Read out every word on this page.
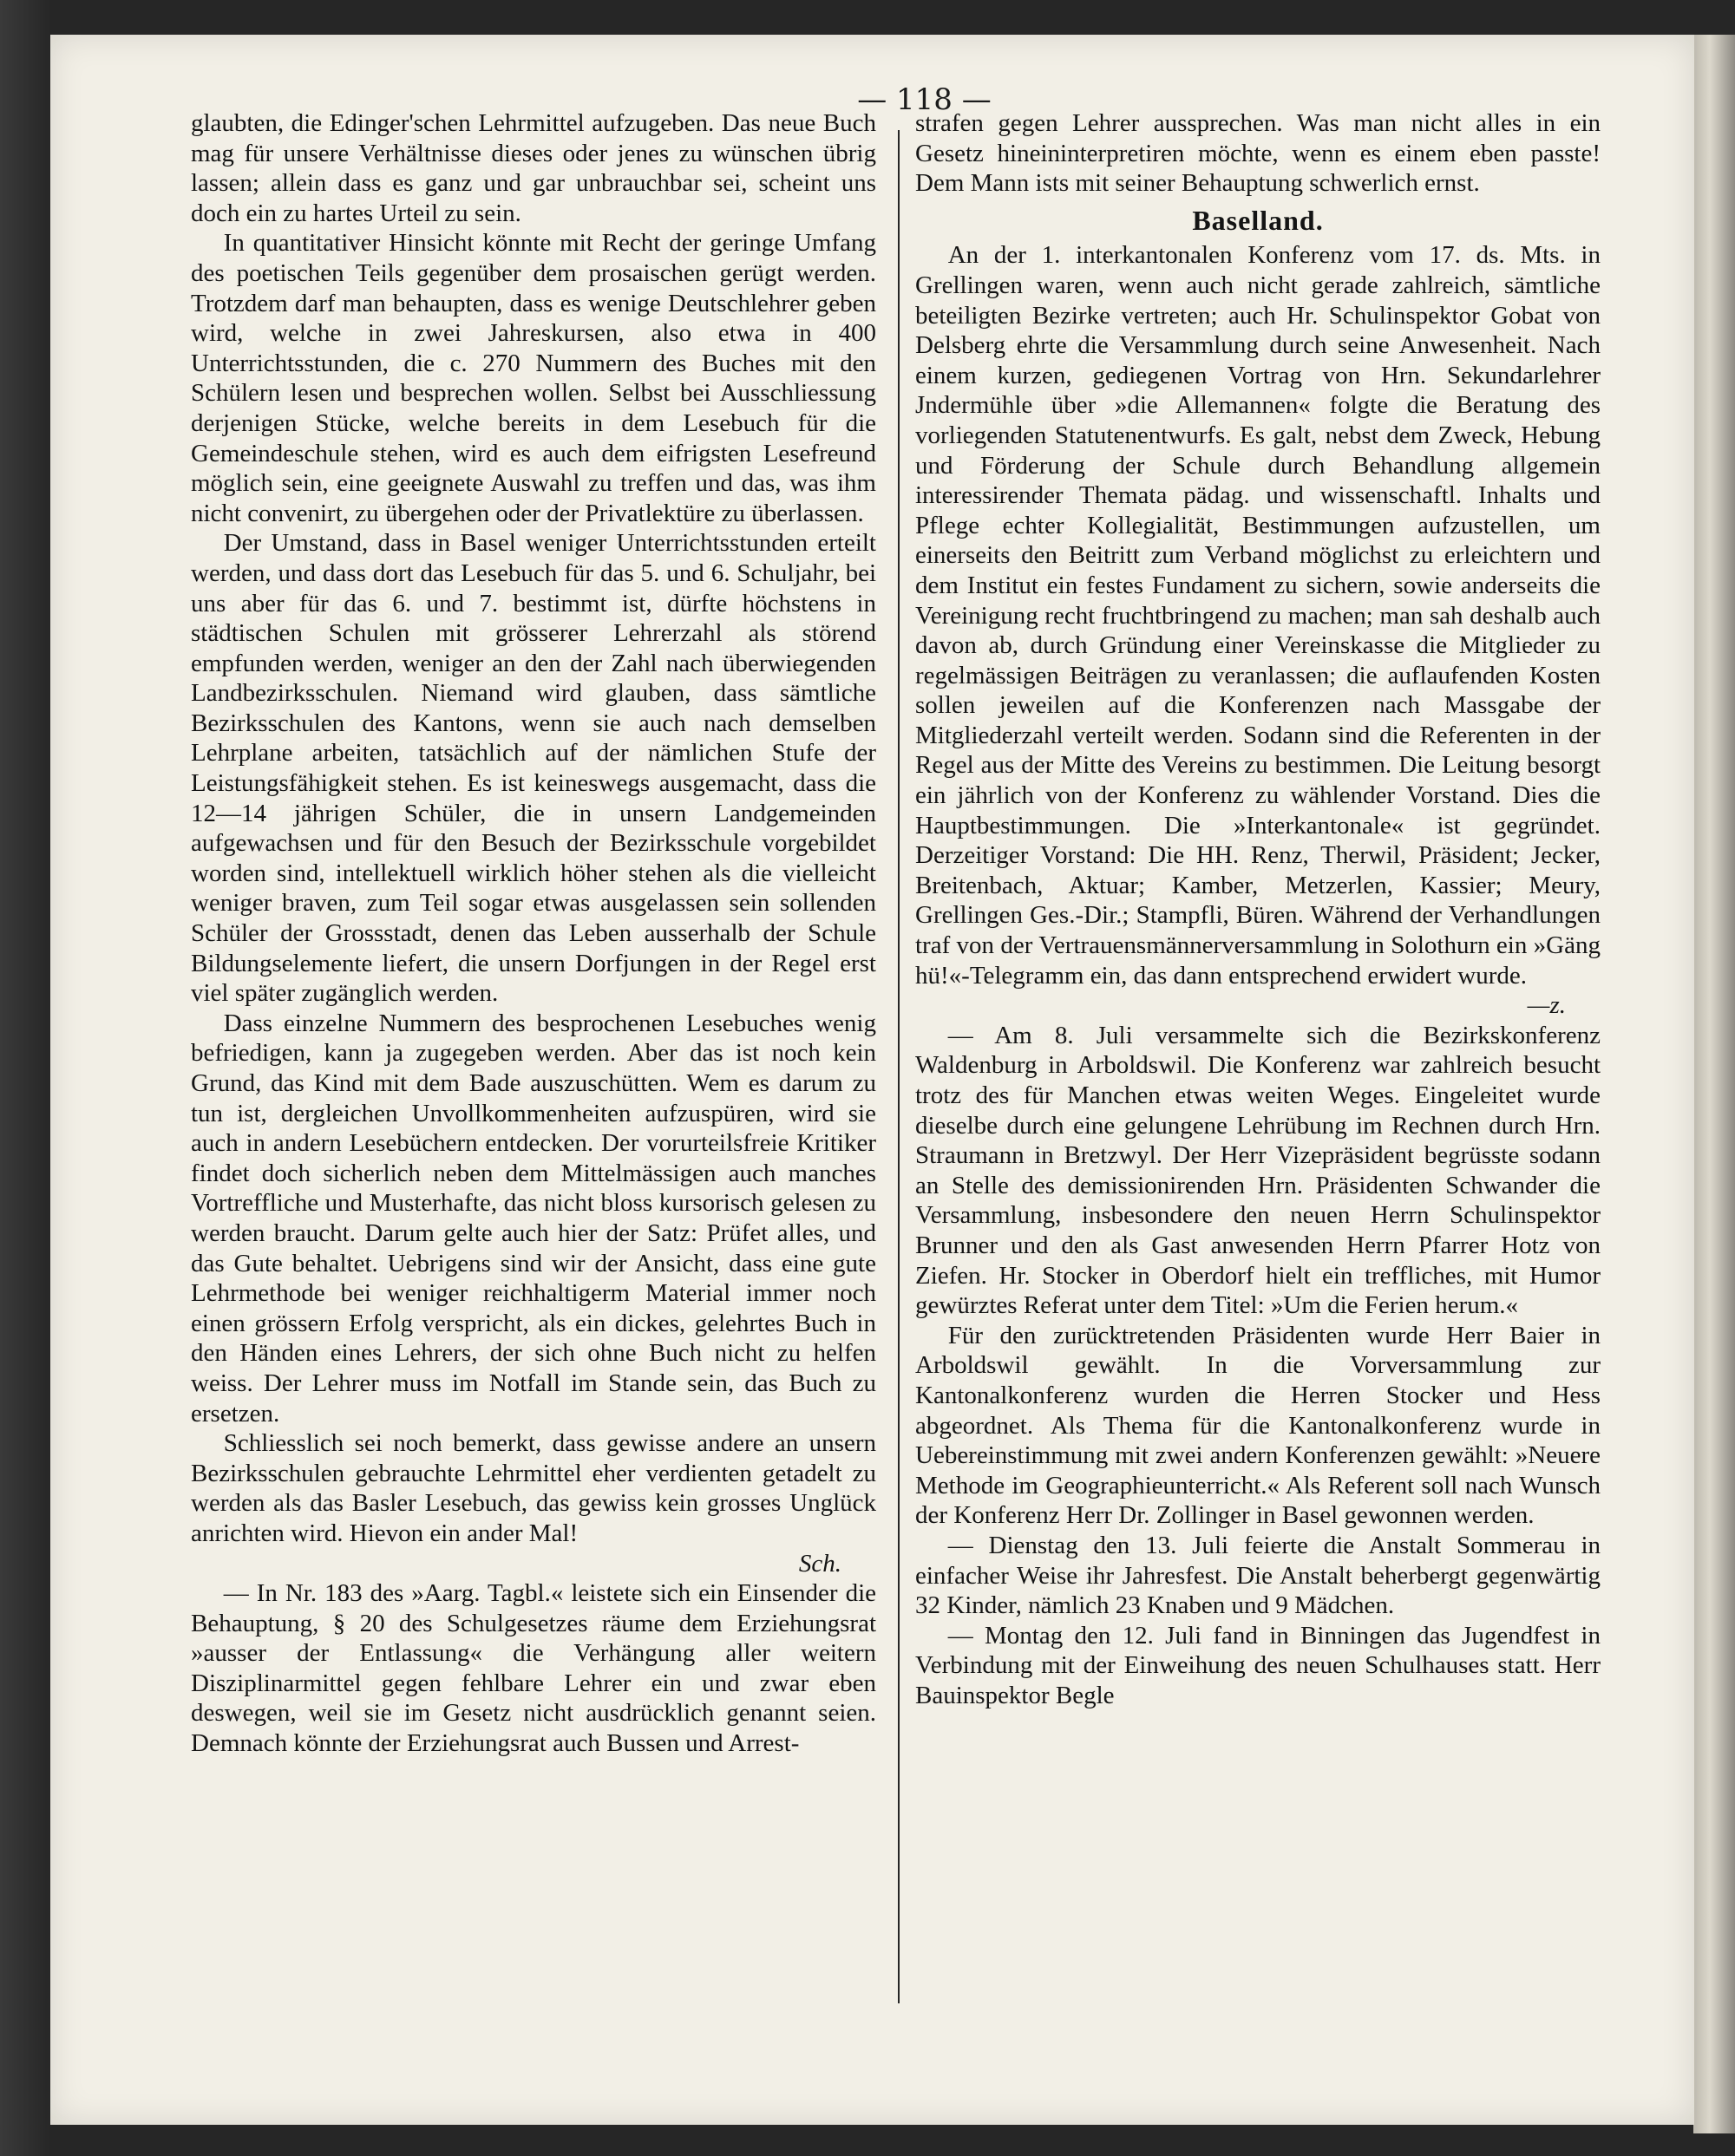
— 118 —

glaubten, die Edinger'schen Lehrmittel aufzugeben. Das neue Buch mag für unsere Verhältnisse dieses oder jenes zu wünschen übrig lassen; allein dass es ganz und gar unbrauchbar sei, scheint uns doch ein zu hartes Urteil zu sein.

In quantitativer Hinsicht könnte mit Recht der geringe Umfang des poetischen Teils gegenüber dem prosaischen gerügt werden. Trotzdem darf man behaupten, dass es wenige Deutschlehrer geben wird, welche in zwei Jahreskursen, also etwa in 400 Unterrichtsstunden, die c. 270 Nummern des Buches mit den Schülern lesen und besprechen wollen. Selbst bei Ausschliessung derjenigen Stücke, welche bereits in dem Lesebuch für die Gemeindeschule stehen, wird es auch dem eifrigsten Lesefreund möglich sein, eine geeignete Auswahl zu treffen und das, was ihm nicht convenirt, zu übergehen oder der Privatlektüre zu überlassen.

Der Umstand, dass in Basel weniger Unterrichtsstunden erteilt werden, und dass dort das Lesebuch für das 5. und 6. Schuljahr, bei uns aber für das 6. und 7. bestimmt ist, dürfte höchstens in städtischen Schulen mit grösserer Lehrerzahl als störend empfunden werden, weniger an den der Zahl nach überwiegenden Landbezirksschulen. Niemand wird glauben, dass sämtliche Bezirksschulen des Kantons, wenn sie auch nach demselben Lehrplane arbeiten, tatsächlich auf der nämlichen Stufe der Leistungsfähigkeit stehen. Es ist keineswegs ausgemacht, dass die 12—14 jährigen Schüler, die in unsern Landgemeinden aufgewachsen und für den Besuch der Bezirksschule vorgebildet worden sind, intellektuell wirklich höher stehen als die vielleicht weniger braven, zum Teil sogar etwas ausgelassen sein sollenden Schüler der Grossstadt, denen das Leben ausserhalb der Schule Bildungselemente liefert, die unsern Dorfjungen in der Regel erst viel später zugänglich werden.

Dass einzelne Nummern des besprochenen Lesebuches wenig befriedigen, kann ja zugegeben werden. Aber das ist noch kein Grund, das Kind mit dem Bade auszuschütten. Wem es darum zu tun ist, dergleichen Unvollkommenheiten aufzuspüren, wird sie auch in andern Lesebüchern entdecken. Der vorurteilsfreie Kritiker findet doch sicherlich neben dem Mittelmässigen auch manches Vortreffliche und Musterhafte, das nicht bloss kursorisch gelesen zu werden braucht. Darum gelte auch hier der Satz: Prüfet alles, und das Gute behaltet. Uebrigens sind wir der Ansicht, dass eine gute Lehrmethode bei weniger reichhaltigerm Material immer noch einen grössern Erfolg verspricht, als ein dickes, gelehrtes Buch in den Händen eines Lehrers, der sich ohne Buch nicht zu helfen weiss. Der Lehrer muss im Notfall im Stande sein, das Buch zu ersetzen.

Schliesslich sei noch bemerkt, dass gewisse andere an unsern Bezirksschulen gebrauchte Lehrmittel eher verdienten getadelt zu werden als das Basler Lesebuch, das gewiss kein grosses Unglück anrichten wird. Hievon ein ander Mal!

Sch.

— In Nr. 183 des »Aarg. Tagbl.« leistete sich ein Einsender die Behauptung, § 20 des Schulgesetzes räume dem Erziehungsrat »ausser der Entlassung« die Verhängung aller weitern Disziplinarmittel gegen fehlbare Lehrer ein und zwar eben deswegen, weil sie im Gesetz nicht ausdrücklich genannt seien. Demnach könnte der Erziehungsrat auch Bussen und Arrest-

strafen gegen Lehrer aussprechen. Was man nicht alles in ein Gesetz hineininterpretiren möchte, wenn es einem eben passte! Dem Mann ists mit seiner Behauptung schwerlich ernst.

Baselland.

An der 1. interkantonalen Konferenz vom 17. ds. Mts. in Grellingen waren, wenn auch nicht gerade zahlreich, sämtliche beteiligten Bezirke vertreten; auch Hr. Schulinspektor Gobat von Delsberg ehrte die Versammlung durch seine Anwesenheit. Nach einem kurzen, gediegenen Vortrag von Hrn. Sekundarlehrer Jndermühle über »die Allemannen« folgte die Beratung des vorliegenden Statutenentwurfs. Es galt, nebst dem Zweck, Hebung und Förderung der Schule durch Behandlung allgemein interessirender Themata pädag. und wissenschaftl. Inhalts und Pflege echter Kollegialität, Bestimmungen aufzustellen, um einerseits den Beitritt zum Verband möglichst zu erleichtern und dem Institut ein festes Fundament zu sichern, sowie anderseits die Vereinigung recht fruchtbringend zu machen; man sah deshalb auch davon ab, durch Gründung einer Vereinskasse die Mitglieder zu regelmässigen Beiträgen zu veranlassen; die auflaufenden Kosten sollen jeweilen auf die Konferenzen nach Massgabe der Mitgliederzahl verteilt werden. Sodann sind die Referenten in der Regel aus der Mitte des Vereins zu bestimmen. Die Leitung besorgt ein jährlich von der Konferenz zu wählender Vorstand. Dies die Hauptbestimmungen. Die »Interkantonale« ist gegründet. Derzeitiger Vorstand: Die HH. Renz, Therwil, Präsident; Jecker, Breitenbach, Aktuar; Kamber, Metzerlen, Kassier; Meury, Grellingen Ges.-Dir.; Stampfli, Büren. Während der Verhandlungen traf von der Vertrauensmännerversammlung in Solothurn ein »Gäng hü!«-Telegramm ein, das dann entsprechend erwidert wurde.

—z.

— Am 8. Juli versammelte sich die Bezirkskonferenz Waldenburg in Arboldswil. Die Konferenz war zahlreich besucht trotz des für Manchen etwas weiten Weges. Eingeleitet wurde dieselbe durch eine gelungene Lehrübung im Rechnen durch Hrn. Straumann in Bretzwyl. Der Herr Vizepräsident begrüsste sodann an Stelle des demissionirenden Hrn. Präsidenten Schwander die Versammlung, insbesondere den neuen Herrn Schulinspektor Brunner und den als Gast anwesenden Herrn Pfarrer Hotz von Ziefen. Hr. Stocker in Oberdorf hielt ein treffliches, mit Humor gewürztes Referat unter dem Titel: »Um die Ferien herum.«

Für den zurücktretenden Präsidenten wurde Herr Baier in Arboldswil gewählt. In die Vorversammlung zur Kantonalkonferenz wurden die Herren Stocker und Hess abgeordnet. Als Thema für die Kantonalkonferenz wurde in Uebereinstimmung mit zwei andern Konferenzen gewählt: »Neuere Methode im Geographieunterricht.« Als Referent soll nach Wunsch der Konferenz Herr Dr. Zollinger in Basel gewonnen werden.

— Dienstag den 13. Juli feierte die Anstalt Sommerau in einfacher Weise ihr Jahresfest. Die Anstalt beherbergt gegenwärtig 32 Kinder, nämlich 23 Knaben und 9 Mädchen.

— Montag den 12. Juli fand in Binningen das Jugendfest in Verbindung mit der Einweihung des neuen Schulhauses statt. Herr Bauinspektor Begle
